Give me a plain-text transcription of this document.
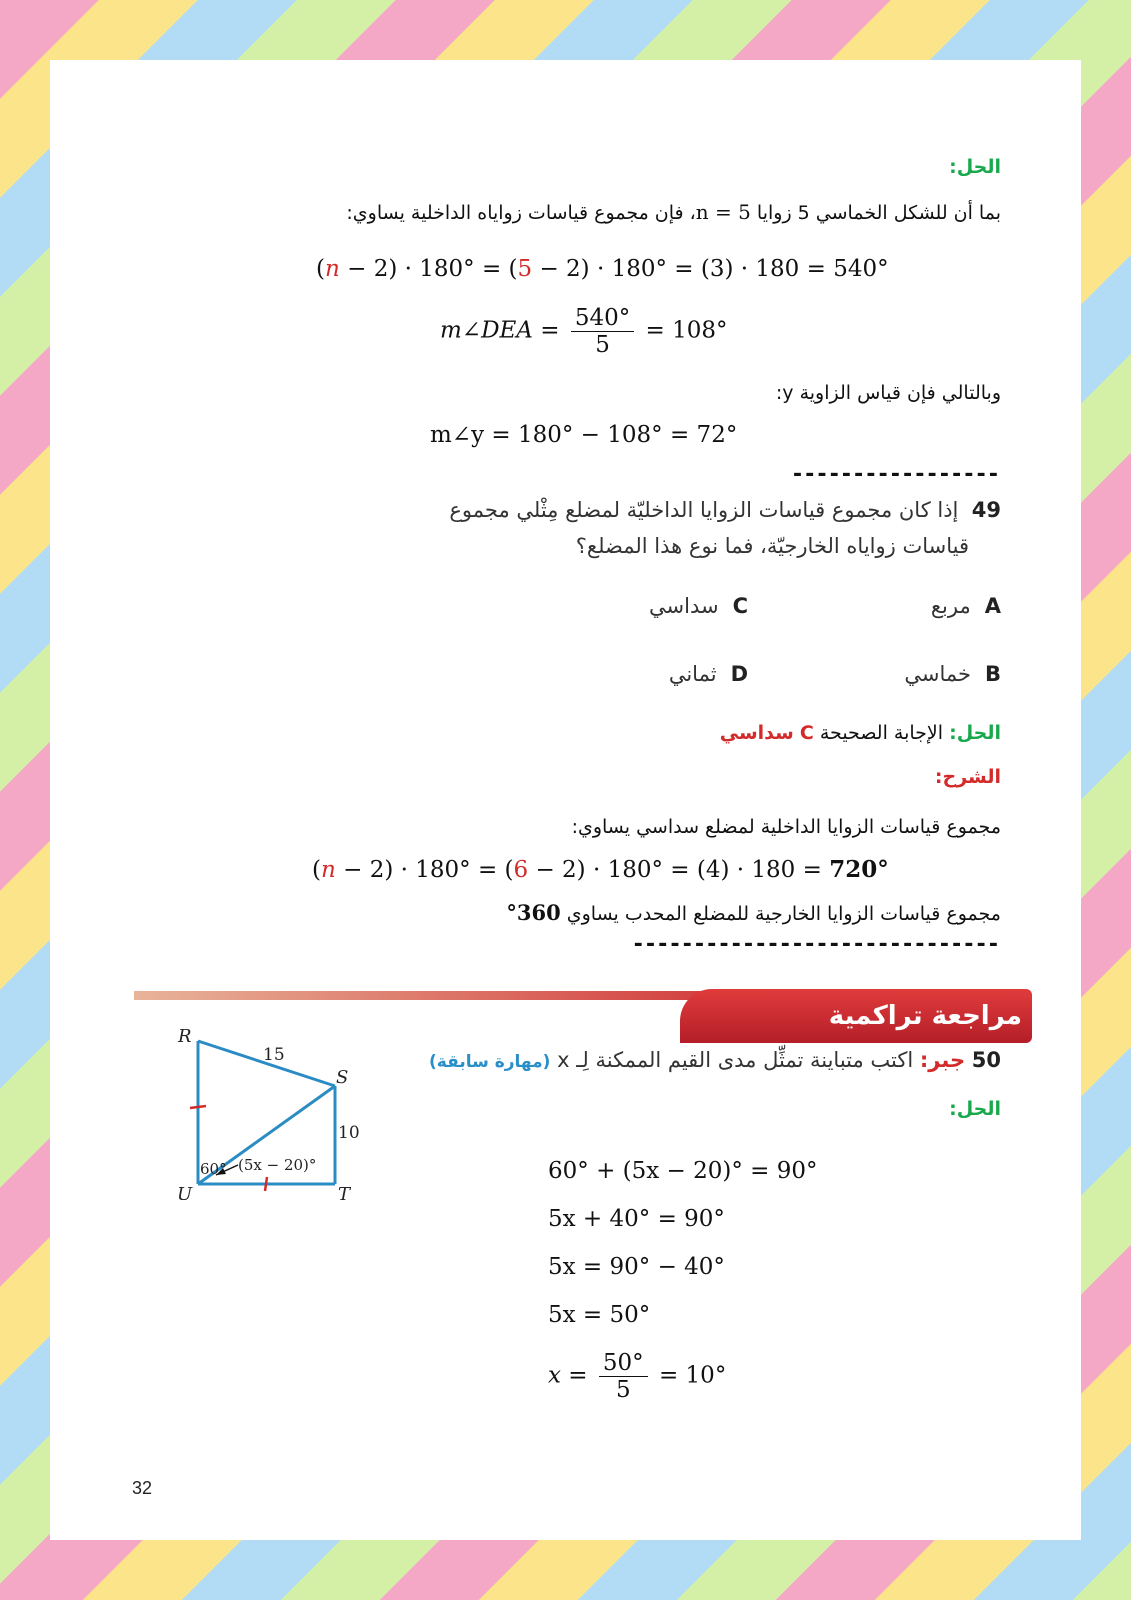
الحل:
بما أن للشكل الخماسي 5 زوايا n = 5، فإن مجموع قياسات زواياه الداخلية يساوي:
(n − 2) · 180° = (5 − 2) · 180° = (3) · 180 = 540°
m∠DEA = $\frac{540^\circ}{5} = 108^\circ$
وبالتالي فإن قياس الزاوية y:
m∠y = 180° − 108° = 72°
-----------------
49  إذا كان مجموع قياسات الزوايا الداخليّة لمضلع مِثْلي مجموع
قياسات زواياه الخارجيّة، فما نوع هذا المضلع؟
Aمربع
Cسداسي
Bخماسي
Dثماني
الحل: الإجابة الصحيحة C سداسي
الشرح:
مجموع قياسات الزوايا الداخلية لمضلع سداسي يساوي:
(n − 2) · 180° = (6 − 2) · 180° = (4) · 180 = 720°
مجموع قياسات الزوايا الخارجية للمضلع المحدب يساوي 360°
------------------------------
مراجعة تراكمية
50 جبر: اكتب متباينة تمثِّل مدى القيم الممكنة لِـ x (مهارة سابقة)
الحل:
60° + (5x − 20)° = 90°
5x + 40° = 90°
5x = 90° − 40°
5x = 50°
$x = \frac{50^\circ}{5} = 10^\circ$
R
S
T
U
15
10
60° (5x − 20)°
32
